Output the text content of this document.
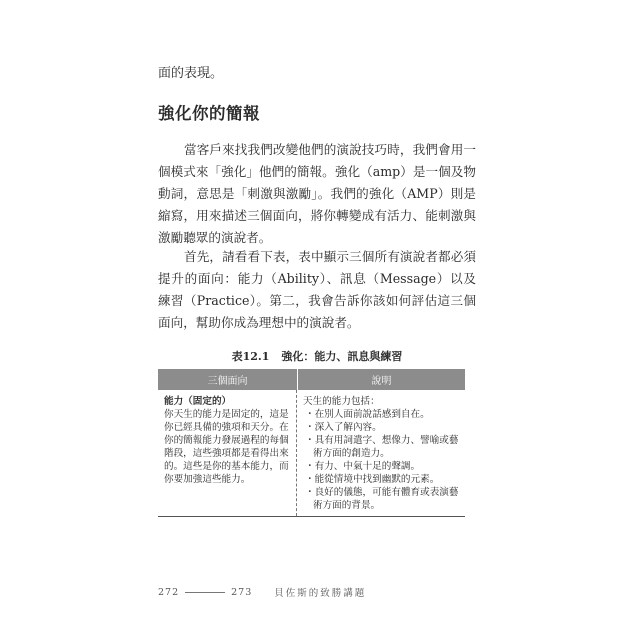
面的表現。
強化你的簡報

當客戶來找我們改變他們的演說技巧時，我們會用一個模式來「強化」他們的簡報。強化（amp）是一個及物動詞，意思是「刺激與激勵」。我們的強化（AMP）則是縮寫，用來描述三個面向，將你轉變成有活力、能刺激與激勵聽眾的演說者。

首先，請看看下表，表中顯示三個所有演說者都必須提升的面向：能力（Ability）、訊息（Message）以及練習（Practice）。第二，我會告訴你該如何評估這三個面向，幫助你成為理想中的演說者。

表12.1 強化：能力、訊息與練習
三個面向	說明
能力（固定的）
你天生的能力是固定的，這是你已經具備的強項和天分。在你的簡報能力發展過程的每個階段，這些強項都是看得出來的。這些是你的基本能力，而你要加強這些能力。
天生的能力包括：
・ 在別人面前說話感到自在。
・ 深入了解內容。
・ 具有用詞遣字、想像力、譬喻或藝術方面的創造力。
・ 有力、中氣十足的聲調。
・ 能從情境中找到幽默的元素。
・ 良好的儀態，可能有體育或表演藝術方面的背景。
272	273 貝佐斯的致勝講題
